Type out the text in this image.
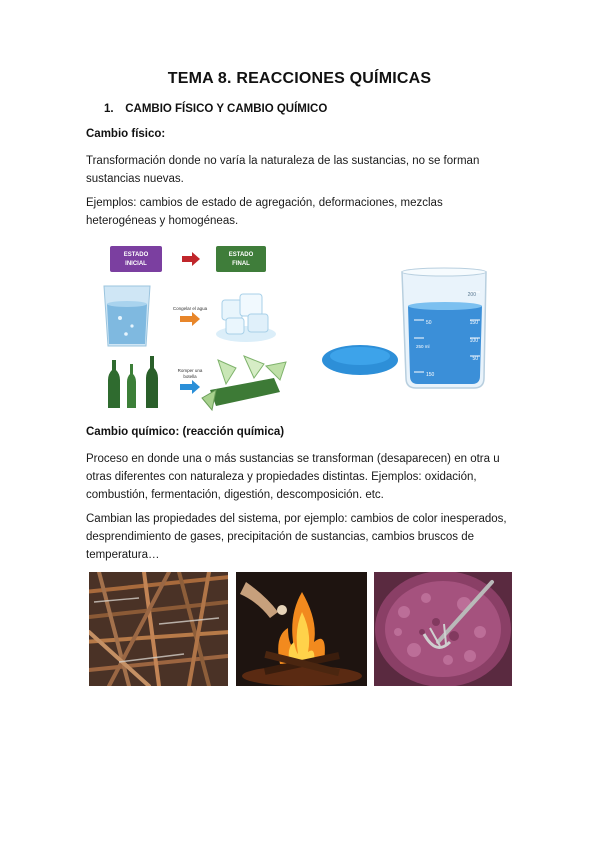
TEMA 8. REACCIONES QUÍMICAS
1. CAMBIO FÍSICO Y CAMBIO QUÍMICO
Cambio físico:
Transformación donde no varía la naturaleza de las sustancias, no se forman sustancias nuevas.
Ejemplos: cambios de estado de agregación, deformaciones, mezclas heterogéneas y homogéneas.
ESTADO
INICIAL
ESTADO
FINAL
Congelar el agua
Romper una
botella
200
150
100
50
50
150
250 ml
Cambio químico: (reacción química)
Proceso en donde una o más sustancias se transforman (desaparecen) en otra u otras diferentes con naturaleza y propiedades distintas. Ejemplos: oxidación, combustión, fermentación, digestión, descomposición. etc.
Cambian las propiedades del sistema, por ejemplo: cambios de color inesperados, desprendimiento de gases, precipitación de sustancias, cambios bruscos de temperatura…
